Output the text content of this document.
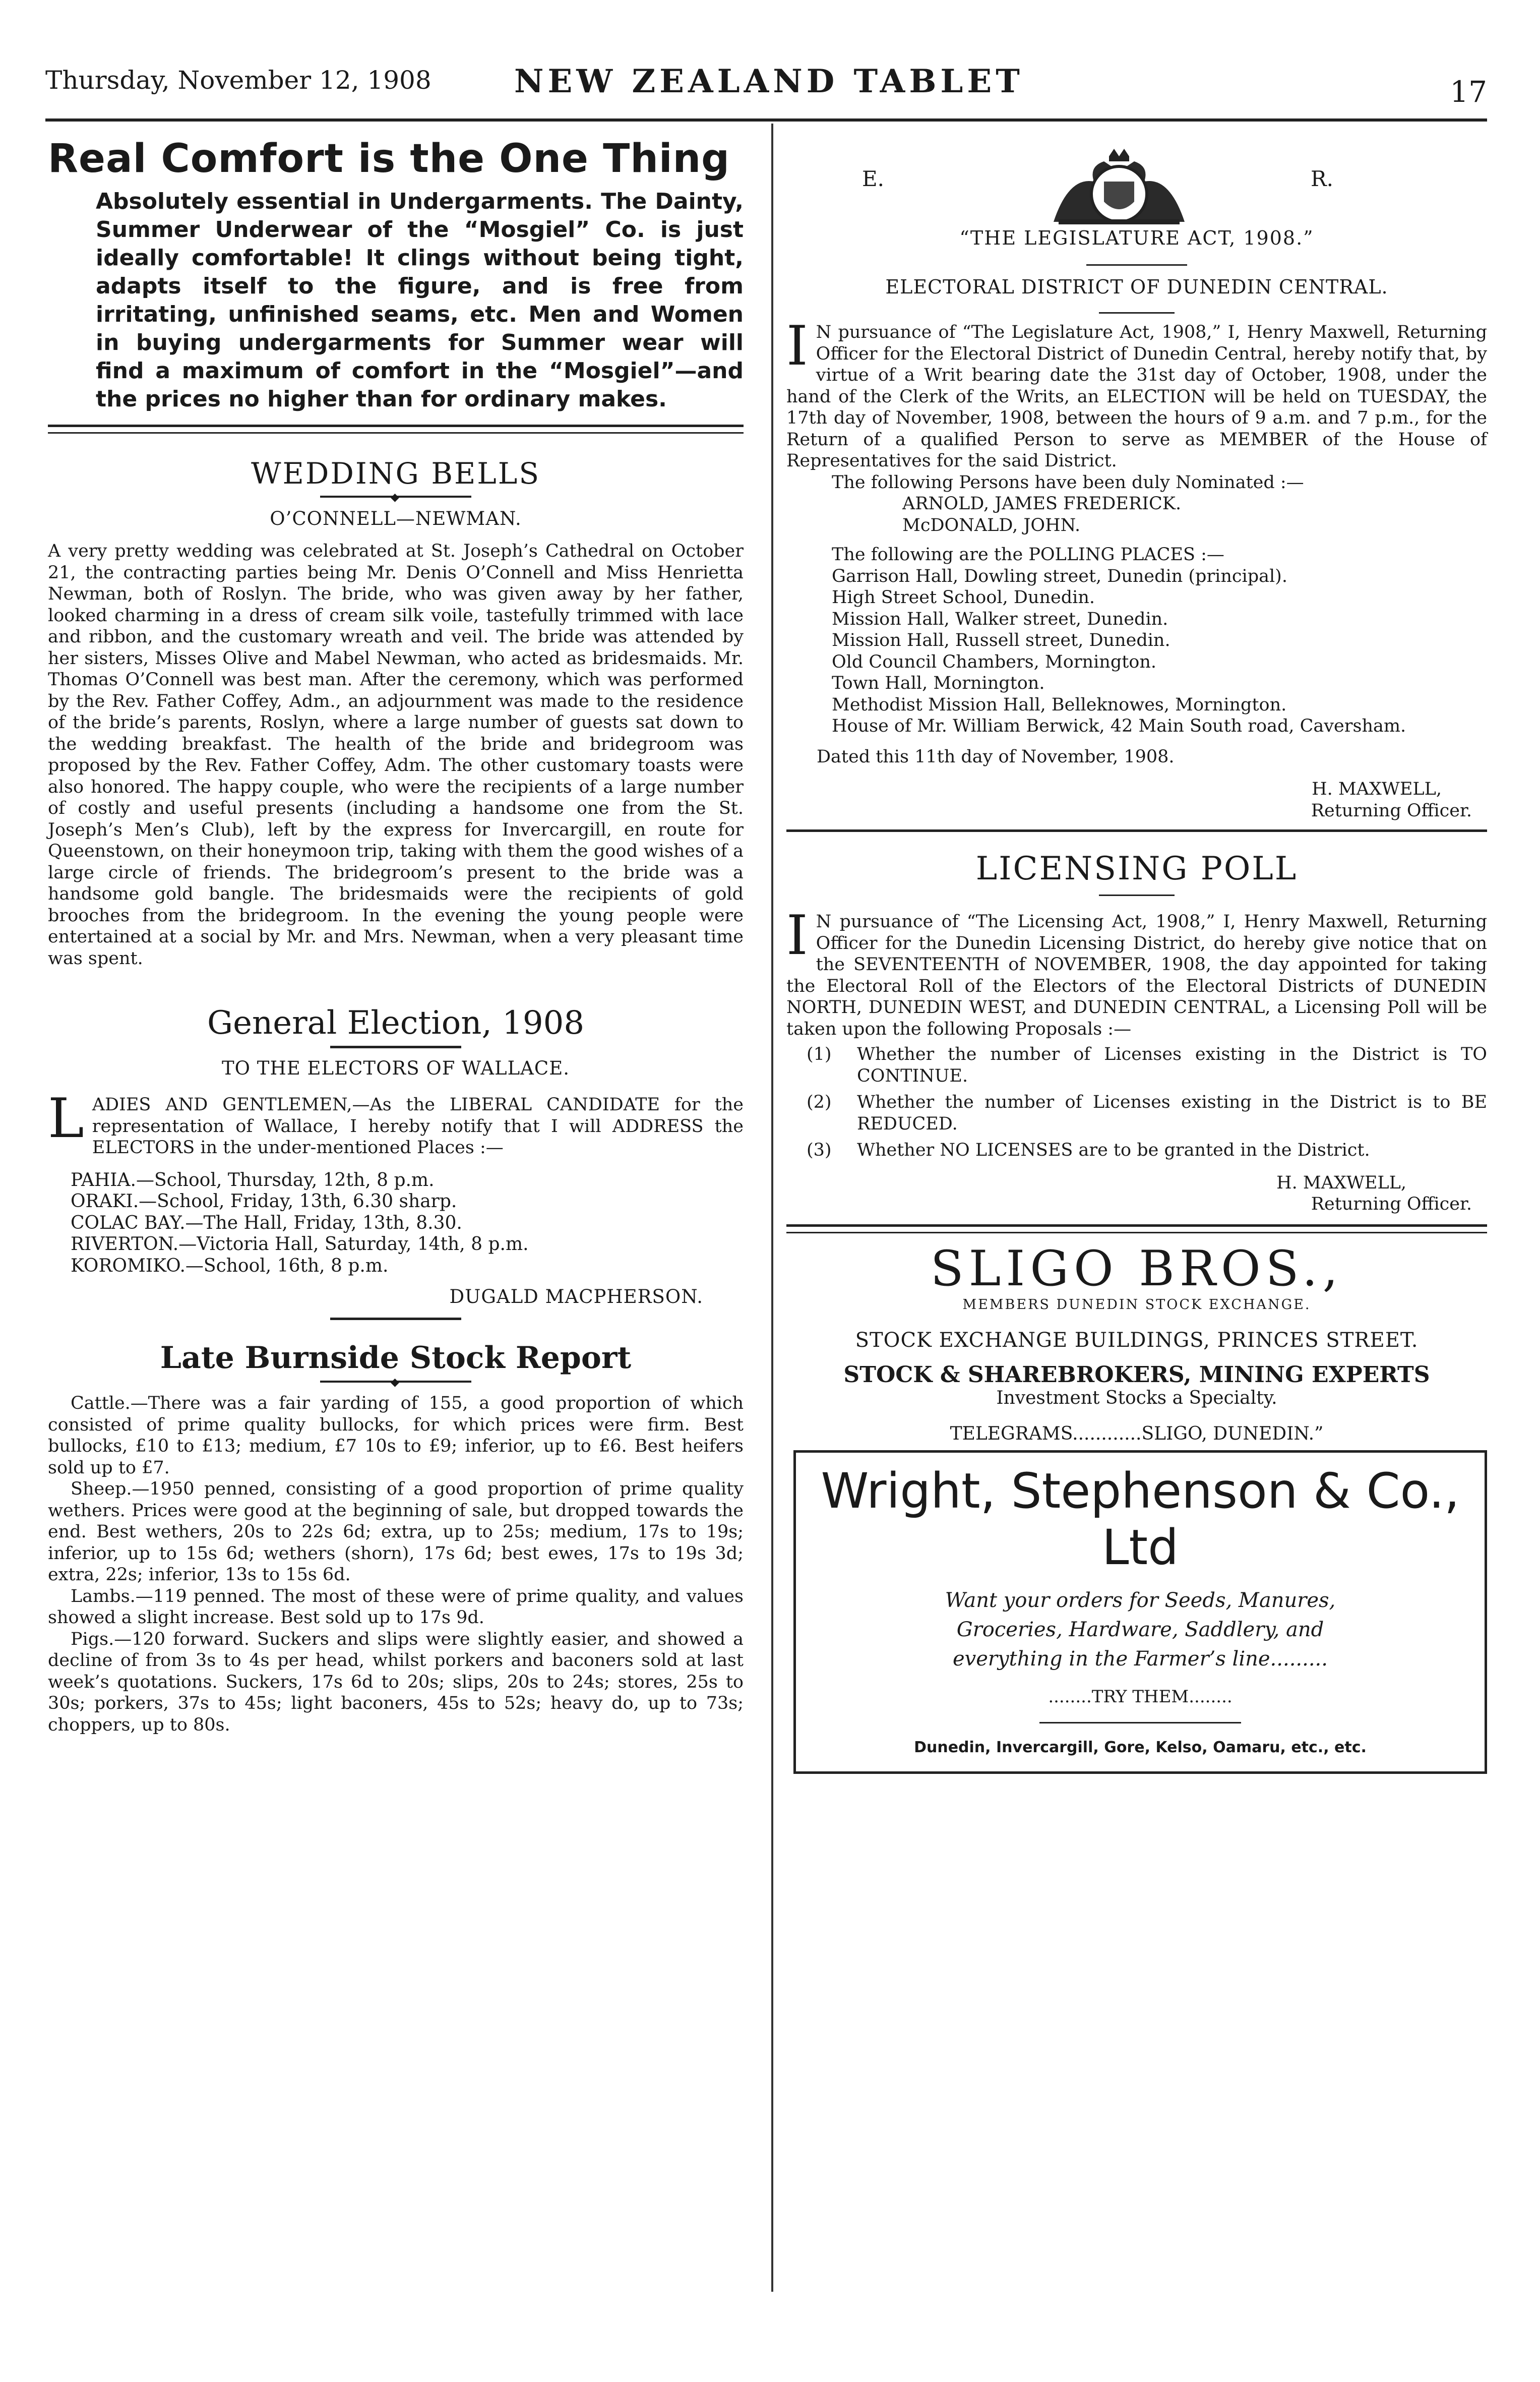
Thursday, November 12, 1908	NEW ZEALAND TABLET	17
Real Comfort is the One Thing

Absolutely essential in Undergarments. The Dainty, Summer Underwear of the “Mosgiel” Co. is just ideally comfortable! It clings without being tight, adapts itself to the figure, and is free from irritating, unfinished seams, etc. Men and Women in buying undergarments for Summer wear will find a maximum of comfort in the “Mosgiel”—and the prices no higher than for ordinary makes.

WEDDING BELLS
◆
O’CONNELL—NEWMAN.

A very pretty wedding was celebrated at St. Joseph’s Cathedral on October 21, the contracting parties being Mr. Denis O’Connell and Miss Henrietta Newman, both of Roslyn. The bride, who was given away by her father, looked charming in a dress of cream silk voile, tastefully trimmed with lace and ribbon, and the customary wreath and veil. The bride was attended by her sisters, Misses Olive and Mabel Newman, who acted as bridesmaids. Mr. Thomas O’Connell was best man. After the ceremony, which was performed by the Rev. Father Coffey, Adm., an adjournment was made to the residence of the bride’s parents, Roslyn, where a large number of guests sat down to the wedding breakfast. The health of the bride and bridegroom was proposed by the Rev. Father Coffey, Adm. The other customary toasts were also honored. The happy couple, who were the recipients of a large number of costly and useful presents (including a handsome one from the St. Joseph’s Men’s Club), left by the express for Invercargill, en route for Queenstown, on their honeymoon trip, taking with them the good wishes of a large circle of friends. The bridegroom’s present to the bride was a handsome gold bangle. The bridesmaids were the recipients of gold brooches from the bridegroom. In the evening the young people were entertained at a social by Mr. and Mrs. Newman, when a very pleasant time was spent.

General Election, 1908
TO THE ELECTORS OF WALLACE.
L ADIES AND GENTLEMEN,—As the LIBERAL CANDIDATE for the representation of Wallace, I hereby notify that I will ADDRESS the ELECTORS in the under-mentioned Places :—

PAHIA.—School, Thursday, 12th, 8 p.m.

ORAKI.—School, Friday, 13th, 6.30 sharp.

COLAC BAY.—The Hall, Friday, 13th, 8.30.

RIVERTON.—Victoria Hall, Saturday, 14th, 8 p.m.

KOROMIKO.—School, 16th, 8 p.m.

DUGALD MACPHERSON.
Late Burnside Stock Report
◆

Cattle.—There was a fair yarding of 155, a good proportion of which consisted of prime quality bullocks, for which prices were firm. Best bullocks, £10 to £13; medium, £7 10s to £9; inferior, up to £6. Best heifers sold up to £7.

Sheep.—1950 penned, consisting of a good proportion of prime quality wethers. Prices were good at the beginning of sale, but dropped towards the end. Best wethers, 20s to 22s 6d; extra, up to 25s; medium, 17s to 19s; inferior, up to 15s 6d; wethers (shorn), 17s 6d; best ewes, 17s to 19s 3d; extra, 22s; inferior, 13s to 15s 6d.

Lambs.—119 penned. The most of these were of prime quality, and values showed a slight increase. Best sold up to 17s 9d.

Pigs.—120 forward. Suckers and slips were slightly easier, and showed a decline of from 3s to 4s per head, whilst porkers and baconers sold at last week’s quotations. Suckers, 17s 6d to 20s; slips, 20s to 24s; stores, 25s to 30s; porkers, 37s to 45s; light baconers, 45s to 52s; heavy do, up to 73s; choppers, up to 80s.

E.	R.
“THE LEGISLATURE ACT, 1908.”
ELECTORAL DISTRICT OF DUNEDIN CENTRAL.
I N pursuance of “The Legislature Act, 1908,” I, Henry Maxwell, Returning Officer for the Electoral District of Dunedin Central, hereby notify that, by virtue of a Writ bearing date the 31st day of October, 1908, under the hand of the Clerk of the Writs, an ELECTION will be held on TUESDAY, the 17th day of November, 1908, between the hours of 9 a.m. and 7 p.m., for the Return of a qualified Person to serve as MEMBER of the House of Representatives for the said District.

The following Persons have been duly Nominated :—

ARNOLD, JAMES FREDERICK.

McDONALD, JOHN.

The following are the POLLING PLACES :—

Garrison Hall, Dowling street, Dunedin (principal).

High Street School, Dunedin.

Mission Hall, Walker street, Dunedin.

Mission Hall, Russell street, Dunedin.

Old Council Chambers, Mornington.

Town Hall, Mornington.

Methodist Mission Hall, Belleknowes, Mornington.

House of Mr. William Berwick, 42 Main South road, Caversham.

Dated this 11th day of November, 1908.

H. MAXWELL,

Returning Officer.

LICENSING POLL
I N pursuance of “The Licensing Act, 1908,” I, Henry Maxwell, Returning Officer for the Dunedin Licensing District, do hereby give notice that on the SEVENTEENTH of NOVEMBER, 1908, the day appointed for taking the Electoral Roll of the Electors of the Electoral Districts of DUNEDIN NORTH, DUNEDIN WEST, and DUNEDIN CENTRAL, a Licensing Poll will be taken upon the following Proposals :—

(1)	Whether the number of Licenses existing in the District is TO CONTINUE.

(2)	Whether the number of Licenses existing in the District is to BE REDUCED.

(3)	Whether NO LICENSES are to be granted in the District.

H. MAXWELL,

Returning Officer.

SLIGO BROS.,
MEMBERS DUNEDIN STOCK EXCHANGE.
STOCK EXCHANGE BUILDINGS, PRINCES STREET.
STOCK & SHAREBROKERS, MINING EXPERTS
Investment Stocks a Specialty.
TELEGRAMS............SLIGO, DUNEDIN.”
Wright, Stephenson & Co.,
Ltd
Want your orders for Seeds, Manures,
Groceries, Hardware, Saddlery, and
everything in the Farmer’s line.........
........TRY THEM........
Dunedin, Invercargill, Gore, Kelso, Oamaru, etc., etc.
